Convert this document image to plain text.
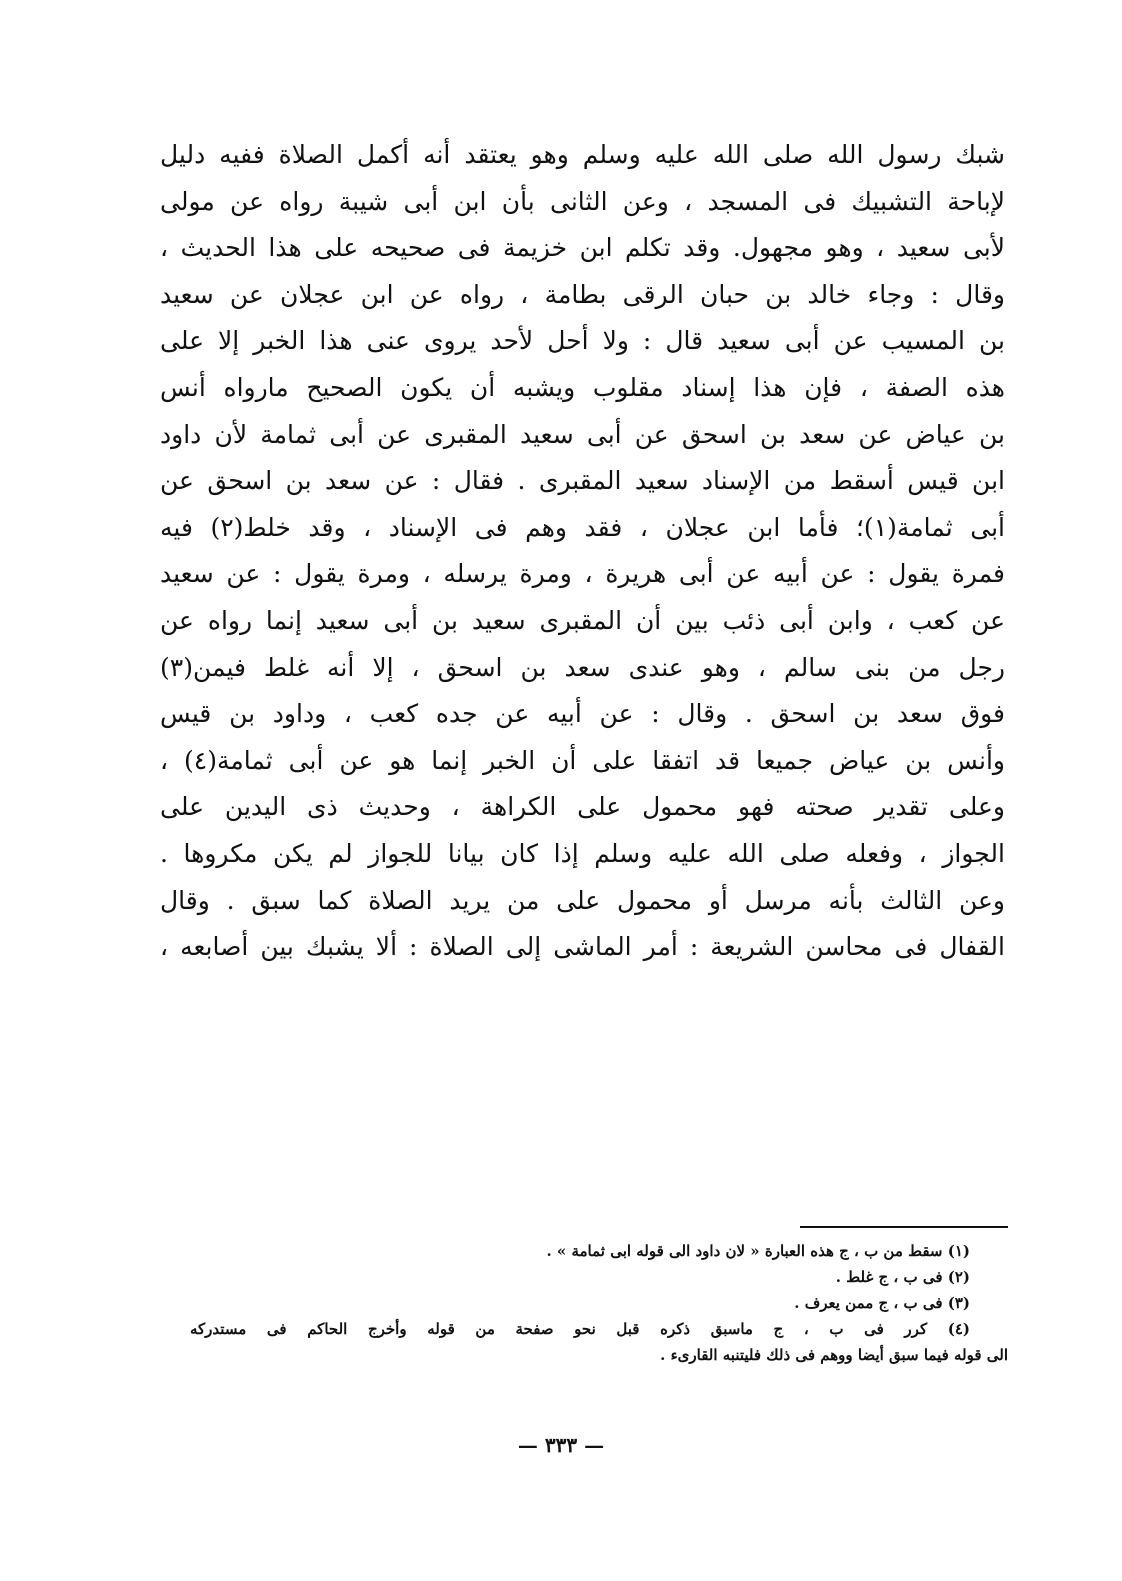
شبك رسول الله صلى الله عليه وسلم وهو يعتقد أنه أكمل الصلاة ففيه دليل
لإباحة التشبيك فى المسجد ، وعن الثانى بأن ابن أبى شيبة رواه عن مولى
لأبى سعيد ، وهو مجهول. وقد تكلم ابن خزيمة فى صحيحه على هذا الحديث ،
وقال : وجاء خالد بن حبان الرقى بطامة ، رواه عن ابن عجلان عن سعيد
بن المسيب عن أبى سعيد قال : ولا أحل لأحد يروى عنى هذا الخبر إلا على
هذه الصفة ، فإن هذا إسناد مقلوب ويشبه أن يكون الصحيح مارواه أنس
بن عياض عن سعد بن اسحق عن أبى سعيد المقبرى عن أبى ثمامة لأن داود
ابن قيس أسقط من الإسناد سعيد المقبرى . فقال : عن سعد بن اسحق عن
أبى ثمامة(١)؛ فأما ابن عجلان ، فقد وهم فى الإسناد ، وقد خلط(٢) فيه
فمرة يقول : عن أبيه عن أبى هريرة ، ومرة يرسله ، ومرة يقول : عن سعيد
عن كعب ، وابن أبى ذئب بين أن المقبرى سعيد بن أبى سعيد إنما رواه عن
رجل من بنى سالم ، وهو عندى سعد بن اسحق ، إلا أنه غلط فيمن(٣)
فوق سعد بن اسحق . وقال : عن أبيه عن جده كعب ، وداود بن قيس
وأنس بن عياض جميعا قد اتفقا على أن الخبر إنما هو عن أبى ثمامة(٤) ،
وعلى تقدير صحته فهو محمول على الكراهة ، وحديث ذى اليدين على
الجواز ، وفعله صلى الله عليه وسلم إذا كان بيانا للجواز لم يكن مكروها .
وعن الثالث بأنه مرسل أو محمول على من يريد الصلاة كما سبق . وقال
القفال فى محاسن الشريعة : أمر الماشى إلى الصلاة : ألا يشبك بين أصابعه ،
(١) سقط من ب ، ج هذه العبارة « لان داود الى قوله ابى ثمامة » .
(٢) فى ب ، ج غلط .
(٣) فى ب ، ج ممن يعرف .
(٤) كرر فى ب ، ج ماسبق ذكره قبل نحو صفحة من قوله وأخرج الحاكم فى مستدركه
الى قوله فيما سبق أيضا ووهم فى ذلك فليتنبه القارىء .
— ٣٣٣ —
